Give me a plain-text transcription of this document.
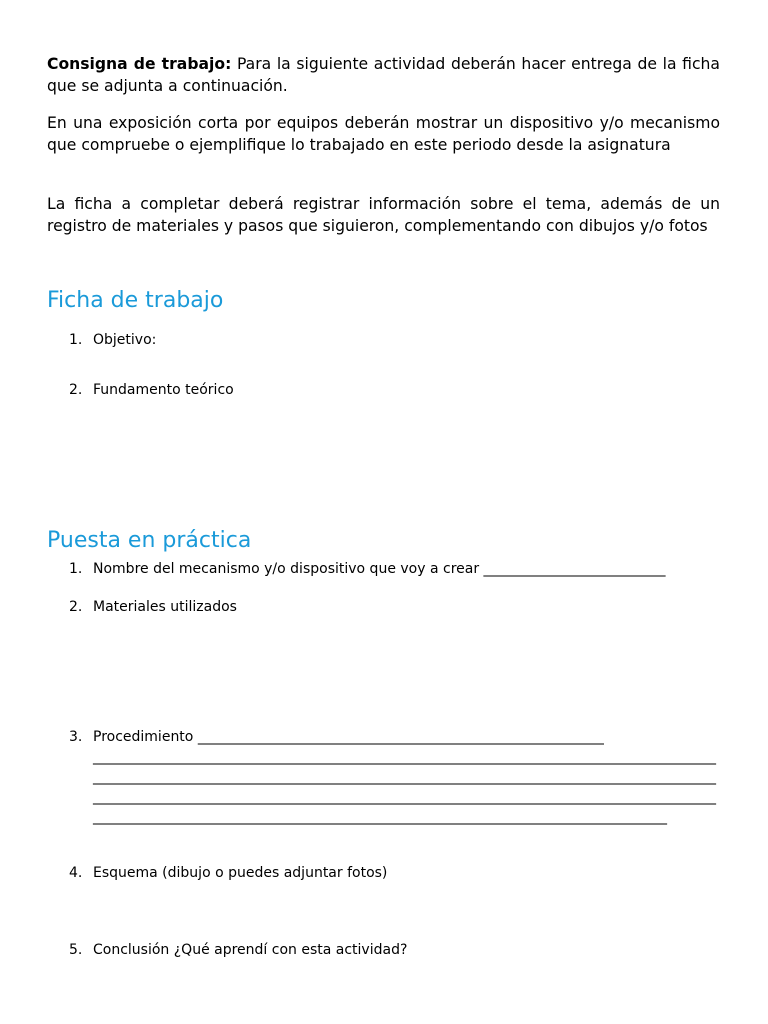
Consigna de trabajo: Para la siguiente actividad deberán hacer entrega de la ficha que se adjunta a continuación.

En una exposición corta por equipos deberán mostrar un dispositivo y/o mecanismo que compruebe o ejemplifique lo trabajado en este periodo desde la asignatura

La ficha a completar deberá registrar información sobre el tema, además de un registro de materiales y pasos que siguieron, complementando con dibujos y/o fotos

Ficha de trabajo
1. Objetivo:
2. Fundamento teórico
Puesta en práctica
1. Nombre del mecanismo y/o dispositivo que voy a crear __________________________
2. Materiales utilizados
3. Procedimiento __________________________________________________________
_________________________________________________________________________________________
_________________________________________________________________________________________
_________________________________________________________________________________________
__________________________________________________________________________________
4. Esquema (dibujo o puedes adjuntar fotos)
5. Conclusión ¿Qué aprendí con esta actividad?
